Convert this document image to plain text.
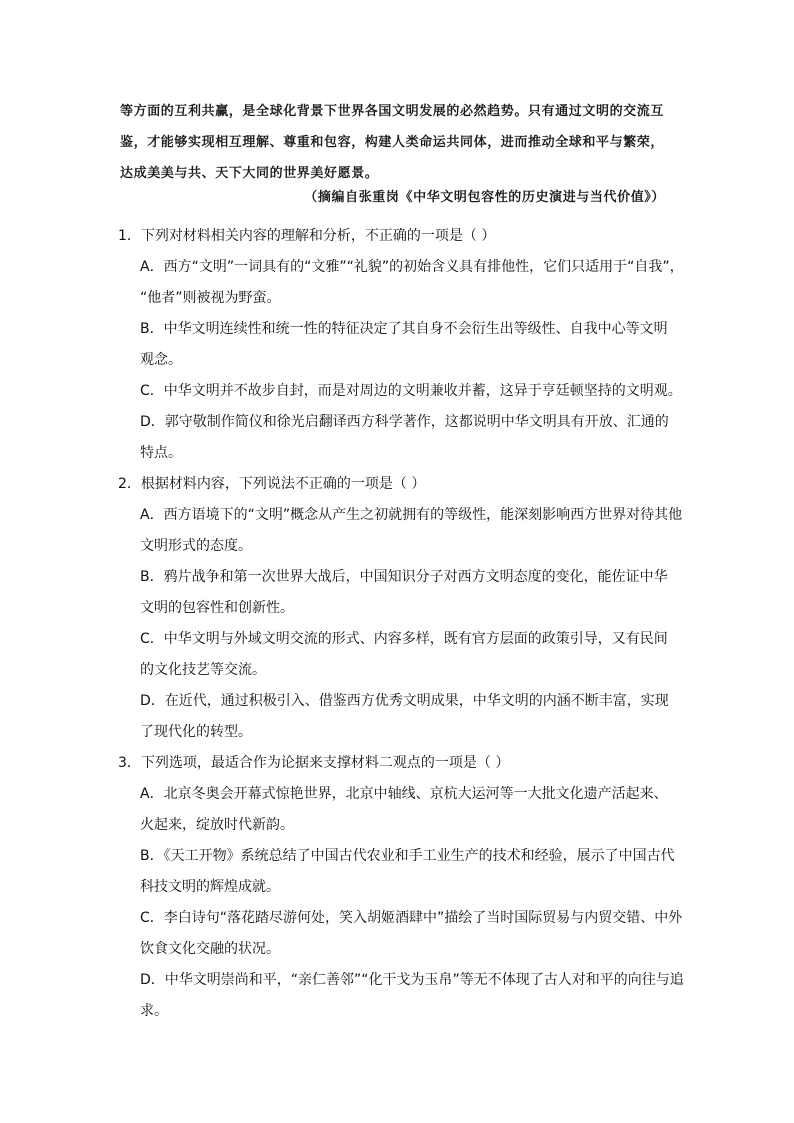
等方面的互利共赢，是全球化背景下世界各国文明发展的必然趋势。只有通过文明的交流互
鉴，才能够实现相互理解、尊重和包容，构建人类命运共同体，进而推动全球和平与繁荣，
达成美美与共、天下大同的世界美好愿景。
（摘编自张重岗《中华文明包容性的历史演进与当代价值》）
1．下列对材料相关内容的理解和分析，不正确的一项是（ ）
A．西方“文明”一词具有的“文雅”“礼貌”的初始含义具有排他性，它们只适用于“自我”，
“他者”则被视为野蛮。
B．中华文明连续性和统一性的特征决定了其自身不会衍生出等级性、自我中心等文明
观念。
C．中华文明并不故步自封，而是对周边的文明兼收并蓄，这异于亨廷顿坚持的文明观。
D．郭守敬制作简仪和徐光启翻译西方科学著作，这都说明中华文明具有开放、汇通的
特点。
2．根据材料内容，下列说法不正确的一项是（ ）
A．西方语境下的“文明”概念从产生之初就拥有的等级性，能深刻影响西方世界对待其他
文明形式的态度。
B．鸦片战争和第一次世界大战后，中国知识分子对西方文明态度的变化，能佐证中华
文明的包容性和创新性。
C．中华文明与外域文明交流的形式、内容多样，既有官方层面的政策引导，又有民间
的文化技艺等交流。
D．在近代，通过积极引入、借鉴西方优秀文明成果，中华文明的内涵不断丰富，实现
了现代化的转型。
3．下列选项，最适合作为论据来支撑材料二观点的一项是（ ）
A．北京冬奥会开幕式惊艳世界，北京中轴线、京杭大运河等一大批文化遗产活起来、
火起来，绽放时代新韵。
B．《天工开物》系统总结了中国古代农业和手工业生产的技术和经验，展示了中国古代
科技文明的辉煌成就。
C．李白诗句“落花踏尽游何处，笑入胡姬酒肆中”描绘了当时国际贸易与内贸交错、中外
饮食文化交融的状况。
D．中华文明崇尚和平，“亲仁善邻”“化干戈为玉帛”等无不体现了古人对和平的向往与追
求。
